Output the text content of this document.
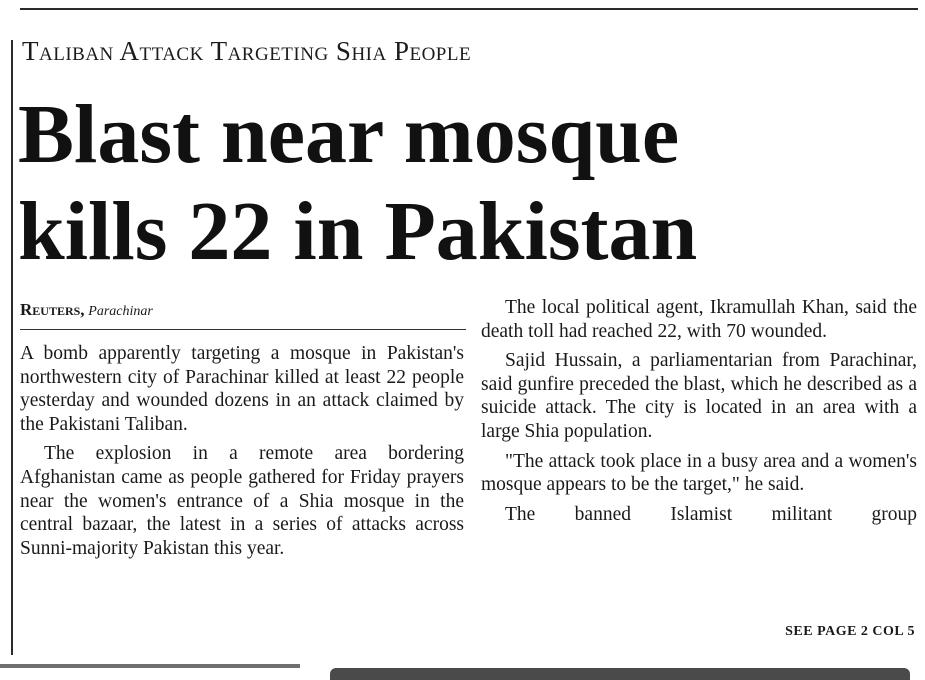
Taliban Attack Targeting Shia People
Blast near mosque
kills 22 in Pakistan
Reuters, Parachinar

A bomb apparently targeting a mosque in Pakistan's northwestern city of Parachinar killed at least 22 people yesterday and wounded dozens in an attack claimed by the Pakistani Taliban.

The explosion in a remote area bordering Afghanistan came as people gathered for Friday prayers near the women's entrance of a Shia mosque in the central bazaar, the latest in a series of attacks across Sunni-majority Pakistan this year.

The local political agent, Ikramullah Khan, said the death toll had reached 22, with 70 wounded.

Sajid Hussain, a parliamentarian from Parachinar, said gunfire preceded the blast, which he described as a suicide attack. The city is located in an area with a large Shia population.

"The attack took place in a busy area and a women's mosque appears to be the target," he said.

The banned Islamist militant group

SEE PAGE 2 COL 5
